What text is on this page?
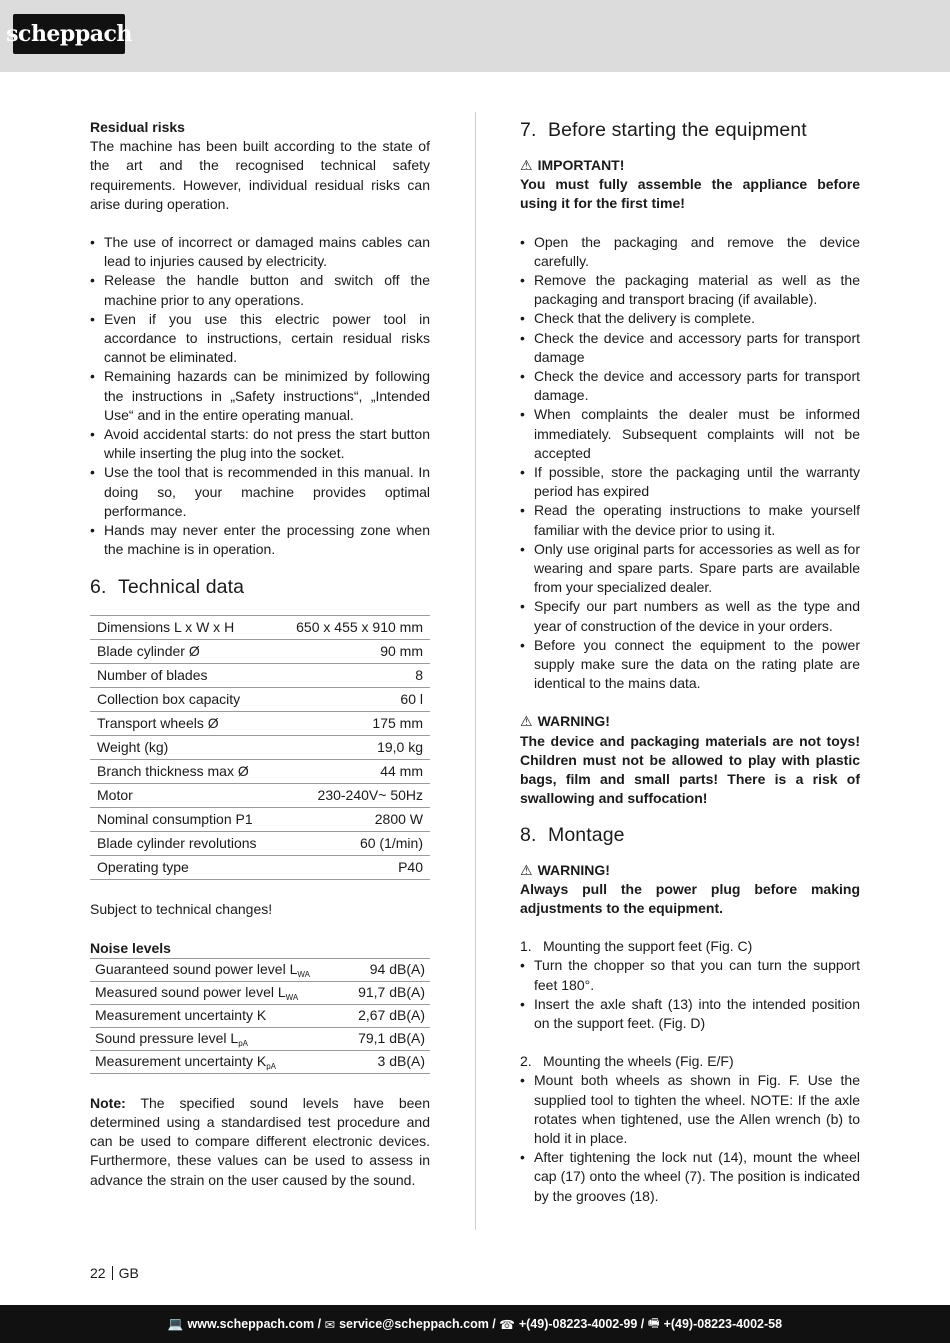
scheppach

Residual risks

The machine has been built according to the state of the art and the recognised technical safety requirements. However, individual residual risks can arise during operation.

• The use of incorrect or damaged mains cables can lead to injuries caused by electricity.
• Release the handle button and switch off the machine prior to any operations.
• Even if you use this electric power tool in accordance to instructions, certain residual risks cannot be eliminated.
• Remaining hazards can be minimized by following the instructions in „Safety instructions“, „Intended Use“ and in the entire operating manual.
• Avoid accidental starts: do not press the start button while inserting the plug into the socket.
• Use the tool that is recommended in this manual. In doing so, your machine provides optimal performance.
• Hands may never enter the processing zone when the machine is in operation.
6. Technical data
Dimensions L x W x H	650 x 455 x 910 mm
Blade cylinder Ø	90 mm
Number of blades	8
Collection box capacity	60 l
Transport wheels Ø	175 mm
Weight (kg)	19,0 kg
Branch thickness max Ø	44 mm
Motor	230-240V~ 50Hz
Nominal consumption P1	2800 W
Blade cylinder revolutions	60 (1/min)
Operating type	P40

Subject to technical changes!

Noise levels

Guaranteed sound power level $L_{WA}$	94 dB(A)
Measured sound power level $L_{WA}$	91,7 dB(A)
Measurement uncertainty K	2,67 dB(A)
Sound pressure level $L_{pA}$	79,1 dB(A)
Measurement uncertainty $K_{pA}$	3 dB(A)

Note: The specified sound levels have been determined using a standardised test procedure and can be used to compare different electronic devices. Furthermore, these values can be used to assess in advance the strain on the user caused by the sound.

7. Before starting the equipment

⚠ IMPORTANT!

You must fully assemble the appliance before using it for the first time!

• Open the packaging and remove the device carefully.
• Remove the packaging material as well as the packaging and transport bracing (if available).
• Check that the delivery is complete.
• Check the device and accessory parts for transport damage
• Check the device and accessory parts for transport damage.
• When complaints the dealer must be informed immediately. Subsequent complaints will not be accepted
• If possible, store the packaging until the warranty period has expired
• Read the operating instructions to make yourself familiar with the device prior to using it.
• Only use original parts for accessories as well as for wearing and spare parts. Spare parts are available from your specialized dealer.
• Specify our part numbers as well as the type and year of construction of the device in your orders.
• Before you connect the equipment to the power supply make sure the data on the rating plate are identical to the mains data.

⚠ WARNING!

The device and packaging materials are not toys! Children must not be allowed to play with plastic bags, film and small parts! There is a risk of swallowing and suffocation!

8. Montage

⚠ WARNING!

Always pull the power plug before making adjustments to the equipment.

1. Mounting the support feet (Fig. C)

• Turn the chopper so that you can turn the support feet 180°.
• Insert the axle shaft (13) into the intended position on the support feet. (Fig. D)

2. Mounting the wheels (Fig. E/F)

• Mount both wheels as shown in Fig. F. Use the supplied tool to tighten the wheel. NOTE: If the axle rotates when tightened, use the Allen wrench (b) to hold it in place.
• After tightening the lock nut (14), mount the wheel cap (17) onto the wheel (7). The position is indicated by the grooves (18).
22 GB
💻 www.scheppach.com / ✉ service@scheppach.com / ☎ +(49)-08223-4002-99 / 🖷 +(49)-08223-4002-58
